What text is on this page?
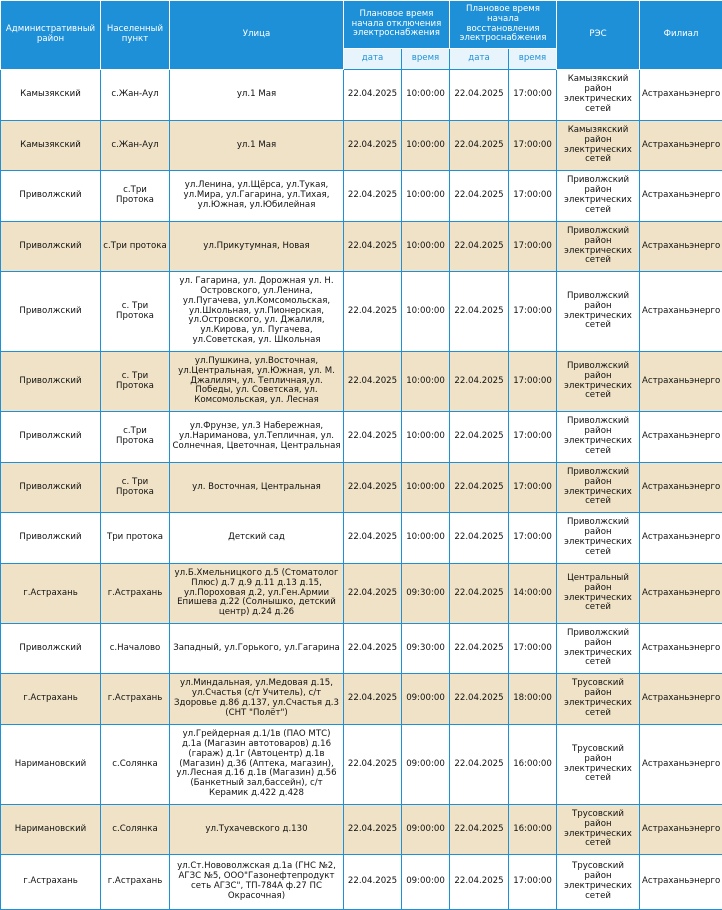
Административный район	Населенный пункт	Улица	Плановое время начала отключения электроснабжения		Плановое время начала восстановления электроснабжения		РЭС	Филиал
			дата	время	дата	время		
Камызякский	с.Жан-Аул	ул.1 Мая	22.04.2025	10:00:00	22.04.2025	17:00:00	Камызякский район электрических сетей	Астраханьэнерго
Камызякский	с.Жан-Аул	ул.1 Мая	22.04.2025	10:00:00	22.04.2025	17:00:00	Камызякский район электрических сетей	Астраханьэнерго
Приволжский	с.Три Протока	ул.Ленина, ул.Щёрса, ул.Тукая, ул.Мира, ул.Гагарина, ул.Тихая, ул.Южная, ул.Юбилейная	22.04.2025	10:00:00	22.04.2025	17:00:00	Приволжский район электрических сетей	Астраханьэнерго
Приволжский	с.Три протока	ул.Прикутумная, Новая	22.04.2025	10:00:00	22.04.2025	17:00:00	Приволжский район электрических сетей	Астраханьэнерго
Приволжский	с. Три Протока	ул. Гагарина, ул. Дорожная ул. Н. Островского, ул.Ленина, ул.Пугачева, ул.Комсомольская, ул.Школьная, ул.Пионерская, ул.Островского, ул. Джалиля, ул.Кирова, ул. Пугачева, ул.Советская, ул. Школьная	22.04.2025	10:00:00	22.04.2025	17:00:00	Приволжский район электрических сетей	Астраханьэнерго
Приволжский	с. Три Протока	ул.Пушкина, ул.Восточная, ул.Центральная, ул.Южная, ул. М. Джалиляч, ул. Тепличная,ул. Победы, ул. Советская, ул. Комсомольская, ул. Лесная	22.04.2025	10:00:00	22.04.2025	17:00:00	Приволжский район электрических сетей	Астраханьэнерго
Приволжский	с.Три Протока	ул.Фрунзе, ул.3 Набережная, ул.Нариманова, ул.Тепличная, ул. Солнечная, Цветочная, Центральная	22.04.2025	10:00:00	22.04.2025	17:00:00	Приволжский район электрических сетей	Астраханьэнерго
Приволжский	с. Три Протока	ул. Восточная, Центральная	22.04.2025	10:00:00	22.04.2025	17:00:00	Приволжский район электрических сетей	Астраханьэнерго
Приволжский	Три протока	Детский сад	22.04.2025	10:00:00	22.04.2025	17:00:00	Приволжский район электрических сетей	Астраханьэнерго
г.Астрахань	г.Астрахань	ул.Б.Хмельницкого д.5 (Стоматолог Плюс) д.7 д.9 д.11 д.13 д.15, ул.Пороховая д.2, ул.Ген.Армии Епишева д.22 (Солнышко, детский центр) д.24 д.26	22.04.2025	09:30:00	22.04.2025	14:00:00	Центральный район электрических сетей	Астраханьэнерго
Приволжский	с.Началово	Западный, ул.Горького, ул.Гагарина	22.04.2025	09:30:00	22.04.2025	17:00:00	Приволжский район электрических сетей	Астраханьэнерго
г.Астрахань	г.Астрахань	ул.Миндальная, ул.Медовая д.15, ул.Счастья (с/т Учитель), с/т Здоровье д.86 д.137, ул.Счастья д.3 (СНТ "Полёт")	22.04.2025	09:00:00	22.04.2025	18:00:00	Трусовский район электрических сетей	Астраханьэнерго
Наримановский	с.Солянка	ул.Грейдерная д.1/1в (ПАО МТС) д.1а (Магазин автотоваров) д.16 (гараж) д.1г (Автоцентр) д.1в (Магазин) д.36 (Аптека, магазин), ул.Лесная д.16 д.1в (Магазин) д.56 (Банкетный зал,бассейн), с/т Керамик д.422 д.428	22.04.2025	09:00:00	22.04.2025	16:00:00	Трусовский район электрических сетей	Астраханьэнерго
Наримановский	с.Солянка	ул.Тухачевского д.130	22.04.2025	09:00:00	22.04.2025	16:00:00	Трусовский район электрических сетей	Астраханьэнерго
г.Астрахань	г.Астрахань	ул.Ст.Нововолжская д.1а (ГНС №2, АГЗС №5, ООО"Газонефтепродукт сеть АГЗС", ТП-784А ф.27 ПС Окрасочная)	22.04.2025	09:00:00	22.04.2025	17:00:00	Трусовский район электрических сетей	Астраханьэнерго
